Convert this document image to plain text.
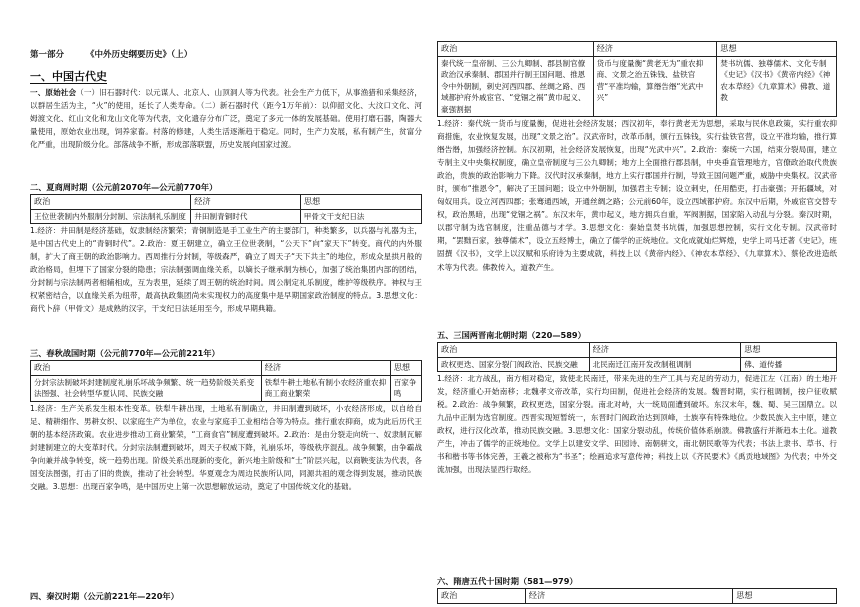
第一部分	《中外历史纲要历史》（上）

一、中国古代史

一、原始社会（一）旧石器时代：以元谋人、北京人、山顶洞人等为代表。社会生产力低下，从事渔猎和采集经济，以群居生活为主，“火”的使用，延长了人类寿命。（二）新石器时代（距今1万年前）：以仰韶文化、大汶口文化、河姆渡文化、红山文化和龙山文化等为代表，文化遗存分布广泛，奠定了多元一体的发展基础。使用打磨石器，陶器大量使用，原始农业出现，饲养家畜。村落的修建，人类生活逐渐趋于稳定。同时，生产力发展，私有制产生，贫富分化严重，出现阶级分化。部落战争不断，形成部落联盟，历史发展向国家过渡。

二、夏商周时期（公元前2070年—公元前770年）

政治	经济	思想
王位世袭制内外服制分封制、宗法制礼乐制度	井田制青铜时代	甲骨文干支纪日法

1.经济：井田制是经济基础，奴隶制经济繁荣；青铜制造是手工业生产的主要部门，种类繁多，以兵器与礼器为主，是中国古代史上的“青铜时代”。2.政治：夏王朝建立，确立王位世袭制，“公天下”向“家天下”转变。商代的内外服制，扩大了商王朝的政治影响力。西周推行分封制，等级森严，确立了周天子“天下共主”的地位，形成众星拱月般的政治格局，但埋下了国家分裂的隐患；宗法制强调血缘关系，以嫡长子继承制为核心，加强了统治集团内部的团结，分封制与宗法制两者相辅相成，互为表里，延续了周王朝的统治时间。周公制定礼乐制度，维护等级秩序。神权与王权紧密结合，以血缘关系为纽带，最高执政集团尚未实现权力的高度集中是早期国家政治制度的特点。3.思想文化：商代卜辞（甲骨文）是成熟的汉字，干支纪日法延用至今，形成早期典籍。

三、春秋战国时期（公元前770年—公元前221年）

政治	经济	思想
分封宗法制破坏封建制度礼崩乐坏战争频繁、统一趋势阶级关系变法图强、社会转型华夏认同、民族交融	铁犁牛耕土地私有制小农经济重农抑商工商业繁荣	百家争鸣

1.经济：生产关系发生根本性变革。铁犁牛耕出现，土地私有制确立，井田制遭到破坏，小农经济形成，以自给自足、精耕细作、男耕女织、以家庭生产为单位，农业与家庭手工业相结合等为特点。推行重农抑商，成为此后历代王朝的基本经济政策。农业进步推动工商业繁荣，“工商食官”制度遭到破坏。2.政治：是由分裂走向统一、奴隶制瓦解封建制建立的大变革时代。分封宗法制遭到破坏，周天子权威下降，礼崩乐坏，等级秩序混乱。战争频繁，由争霸战争向兼并战争转变，统一趋势出现。阶级关系出现新的变化，新兴地主阶级和“士”阶层兴起，以商鞅变法为代表，各国变法图强，打击了旧的贵族，推动了社会转型。华夏观念为周边民族所认同，同源共祖的观念得到发展，推动民族交融。3.思想：出现百家争鸣，是中国历史上第一次思想解放运动，奠定了中国传统文化的基础。

四、秦汉时期（公元前221年—220年）

政治	经济	思想
秦代统一皇帝制、三公九卿制、郡县制官僚政治汉承秦制、郡国并行制王国问题、推恩令中外朝制，刺史河西四郡、丝绸之路、西域都护府外戚宦官、“党锢之祸”黄巾起义、豪强割据	货币与度量衡“黄老无为”重农抑商、文景之治五铢钱、盐铁官营“平准均输，算缗告缗“光武中兴”	焚书坑儒、独尊儒术、文化专制《史记》《汉书》《黄帝内经》《神农本草经》《九章算术》佛教、道教

1.经济：秦代统一货币与度量衡，促进社会经济发展；西汉初年，奉行黄老无为思想，采取与民休息政策，实行重农抑商措施，农业恢复发展，出现“文景之治”。汉武帝时，改革币制，颁行五铢钱，实行盐铁官营，设立平准均输，推行算缗告缗，加强经济控制。东汉初期，社会经济发展恢复，出现“光武中兴”。2.政治：秦统一六国，结束分裂局面，建立专制主义中央集权制度，确立皇帝制度与三公九卿制；地方上全面推行郡县制，中央垂直管理地方，官僚政治取代贵族政治，贵族的政治影响力下降。汉代时汉承秦制，地方上实行郡国并行制，导致王国问题严重，威胁中央集权。汉武帝时，颁布“推恩令”，解决了王国问题；设立中外朝制，加强君主专制；设立刺史，任用酷吏，打击豪强；开拓疆域，对匈奴用兵。设立河西四郡；张骞通西域，开通丝绸之路；公元前60年，设立西域都护府。东汉中后期，外戚宦官交替专权，政治黑暗，出现“党锢之祸”。东汉末年，黄巾起义，地方拥兵自重，军阀割据，国家陷入动乱与分裂。秦汉时期，以郡守制为选官制度，注重品德与才学。3.思想文化：秦始皇焚书坑儒，加强思想控制，实行文化专制。汉武帝时期，“罢黜百家，独尊儒术”，设立五经博士，确立了儒学的正统地位。文化成就灿烂辉煌，史学上司马迁著《史记》，班固撰《汉书》，文学上以汉赋和乐府诗为主要成就，科技上以《黄帝内经》、《神农本草经》、《九章算术》、蔡伦改进造纸术等为代表。佛教传入，道教产生。

五、三国两晋南北朝时期（220—589）

政治	经济	思想
政权更迭、国家分裂门阀政治、民族交融	北民南迁江南开发改制租调制	佛、道传播

1.经济：北方战乱，南方相对稳定，致使北民南迁，带来先进的生产工具与充足的劳动力，促进江左（江南）的土地开发，经济重心开始南移；北魏孝文帝改革，实行均田制，促进社会经济的发展。魏晋时期，实行租调制，按户征收赋税。2.政治：战争频繁，政权更迭，国家分裂。南北对峙，大一统局面遭到破坏。东汉末年，魏、蜀、吴三国鼎立。以九品中正制为选官制度。西晋实现短暂统一，东晋时门阀政治达到顶峰，士族享有特殊地位。少数民族入主中原，建立政权，进行汉化改革，推动民族交融。3.思想文化：国家分裂动乱，传统价值体系崩溃。佛教盛行并渐趋本土化。道教产生，冲击了儒学的正统地位。文学上以建安文学、田园诗、南朝骈文，南北朝民歌等为代表；书法上隶书、草书、行书和楷书等书体完善，王羲之被称为“书圣”；绘画追求写意传神；科技上以《齐民要术》《禹贡地域图》为代表；中外交流加强，出现法显西行取经。

六、隋唐五代十国时期（581—979）

政治	经济	思想
